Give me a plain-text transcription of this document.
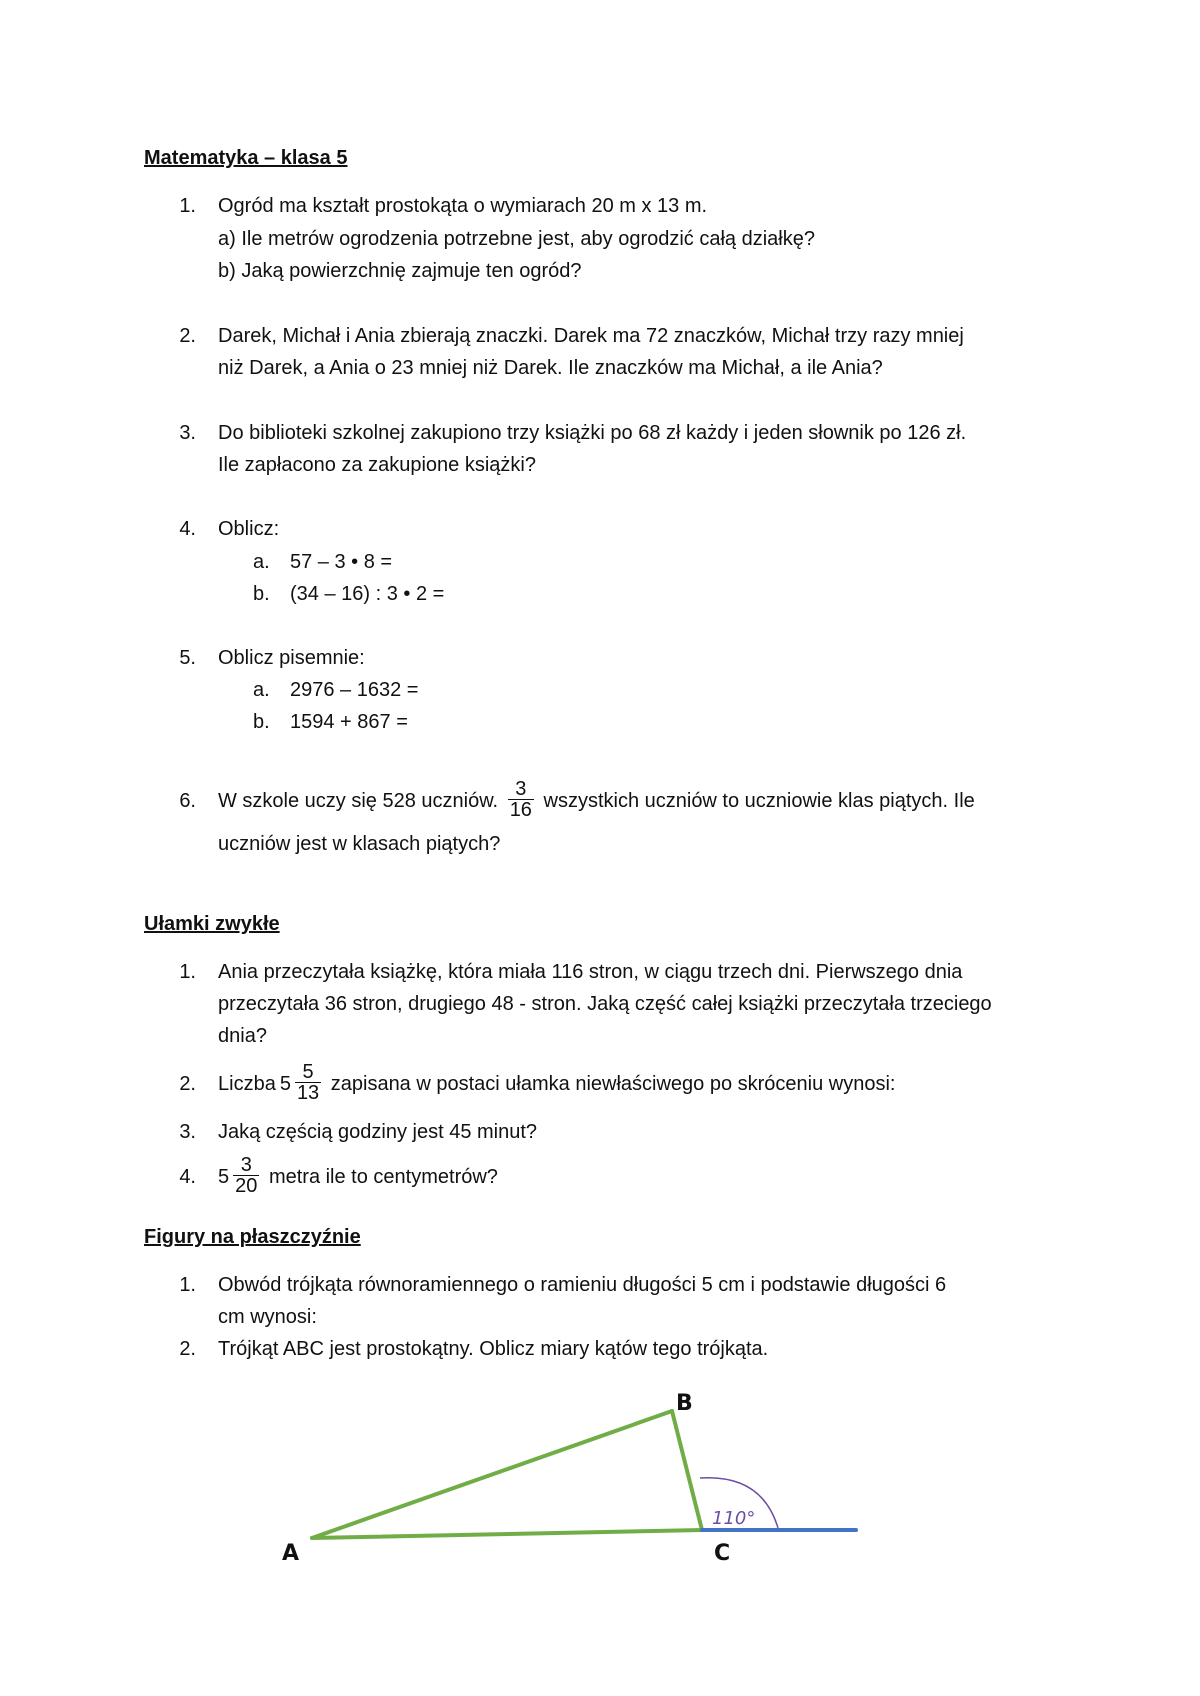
Matematyka – klasa 5
1. Ogród ma kształt prostokąta o wymiarach 20 m x 13 m.
a) Ile metrów ogrodzenia potrzebne jest, aby ogrodzić całą działkę?
b) Jaką powierzchnię zajmuje ten ogród?
2. Darek, Michał i Ania zbierają znaczki. Darek ma 72 znaczków, Michał trzy razy mniej
niż Darek, a Ania o 23 mniej niż Darek. Ile znaczków ma Michał, a ile Ania?
3. Do biblioteki szkolnej zakupiono trzy książki po 68 zł każdy i jeden słownik po 126 zł.
Ile zapłacono za zakupione książki?
4. Oblicz:
a. 57 – 3 • 8 =
b. (34 – 16) : 3 • 2 =
5. Oblicz pisemnie:
a. 2976 – 1632 =
b. 1594 + 867 =
6. W szkole uczy się 528 uczniów. $\frac{3}{16}$ wszystkich uczniów to uczniowie klas piątych. Ile
uczniów jest w klasach piątych?
Ułamki zwykłe
1. Ania przeczytała książkę, która miała 116 stron, w ciągu trzech dni. Pierwszego dnia
przeczytała 36 stron, drugiego 48 - stron. Jaką część całej książki przeczytała trzeciego
dnia?
2. Liczba $5 \frac{5}{13}$ zapisana w postaci ułamka niewłaściwego po skróceniu wynosi:
3. Jaką częścią godziny jest 45 minut?
4. $5 \frac{3}{20}$ metra ile to centymetrów?
Figury na płaszczyźnie
1. Obwód trójkąta równoramiennego o ramieniu długości 5 cm i podstawie długości 6
cm wynosi:
2. Trójkąt ABC jest prostokątny. Oblicz miary kątów tego trójkąta.
110°
B
A	C
